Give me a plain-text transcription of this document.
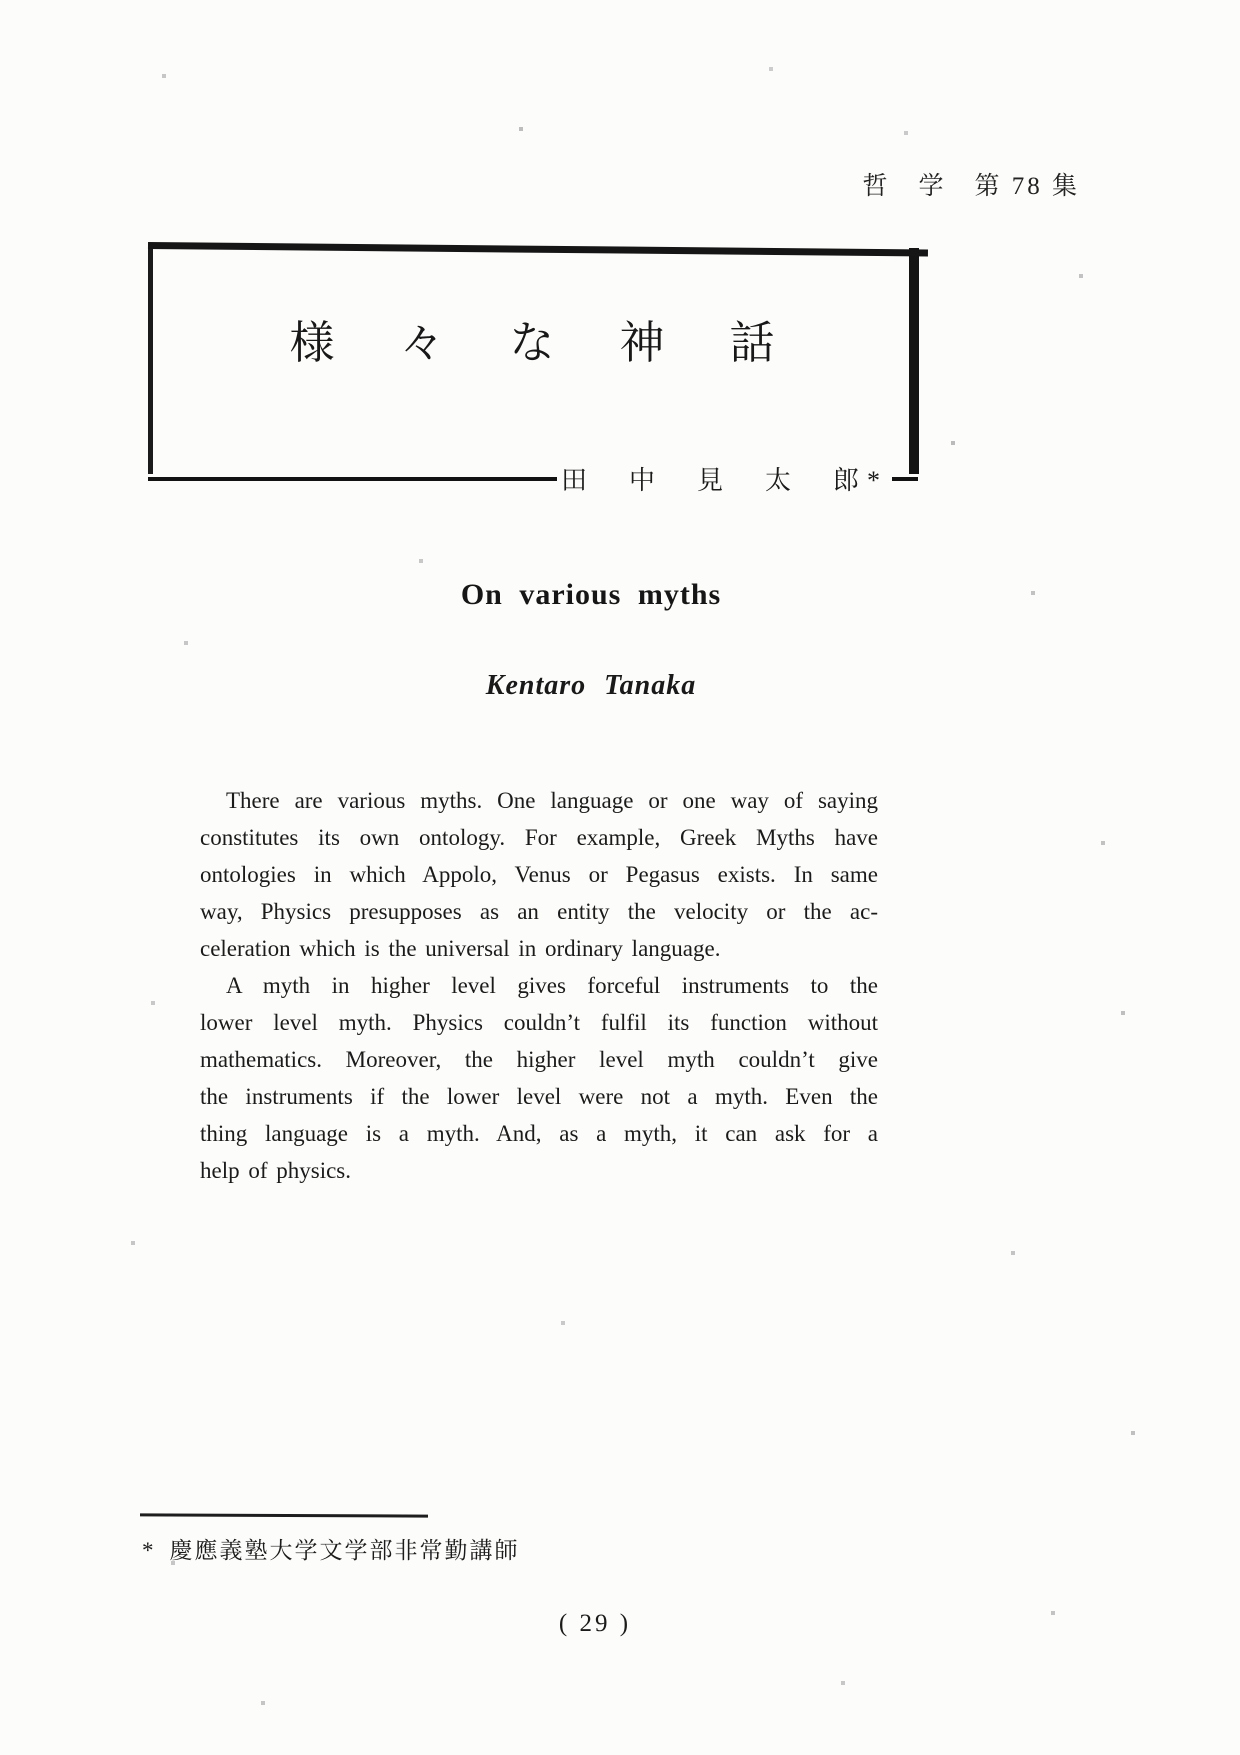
哲　学　第 78 集
様　々　な　神　話
田　中　見　太　郎*
On various myths
Kentaro Tanaka
There are various myths. One language or one way of saying
constitutes its own ontology. For example, Greek Myths have
ontologies in which Appolo, Venus or Pegasus exists. In same
way, Physics presupposes as an entity the velocity or the ac-
celeration which is the universal in ordinary language.
A myth in higher level gives forceful instruments to the
lower level myth. Physics couldn’t fulfil its function without
mathematics. Moreover, the higher level myth couldn’t give
the instruments if the lower level were not a myth. Even the
thing language is a myth. And, as a myth, it can ask for a
help of physics.
* 慶應義塾大学文学部非常勤講師
( 29 )
